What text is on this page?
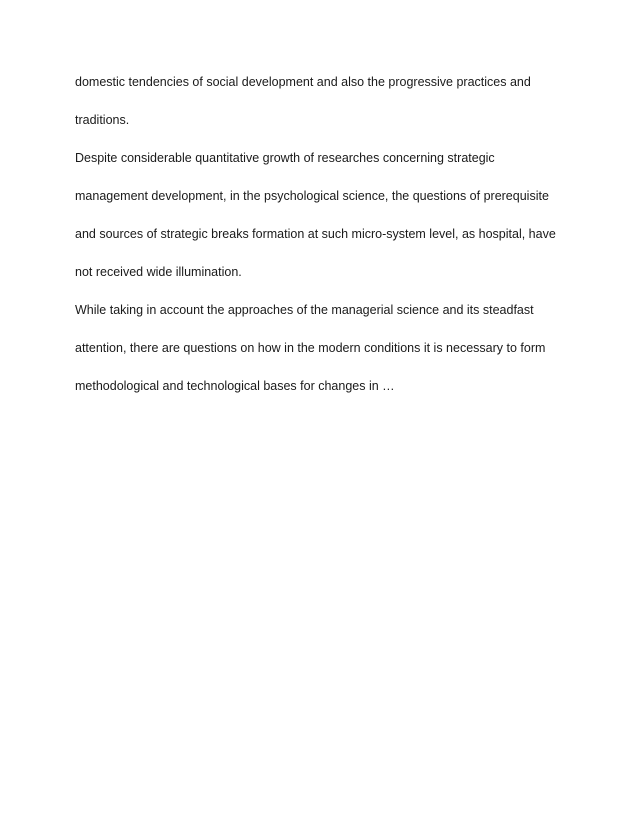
domestic tendencies of social development and also the progressive practices and
traditions.
Despite considerable quantitative growth of researches concerning strategic
management development, in the psychological science, the questions of prerequisite
and sources of strategic breaks formation at such micro-system level, as hospital, have
not received wide illumination.
While taking in account the approaches of the managerial science and its steadfast
attention, there are questions on how in the modern conditions it is necessary to form
methodological and technological bases for changes in …
